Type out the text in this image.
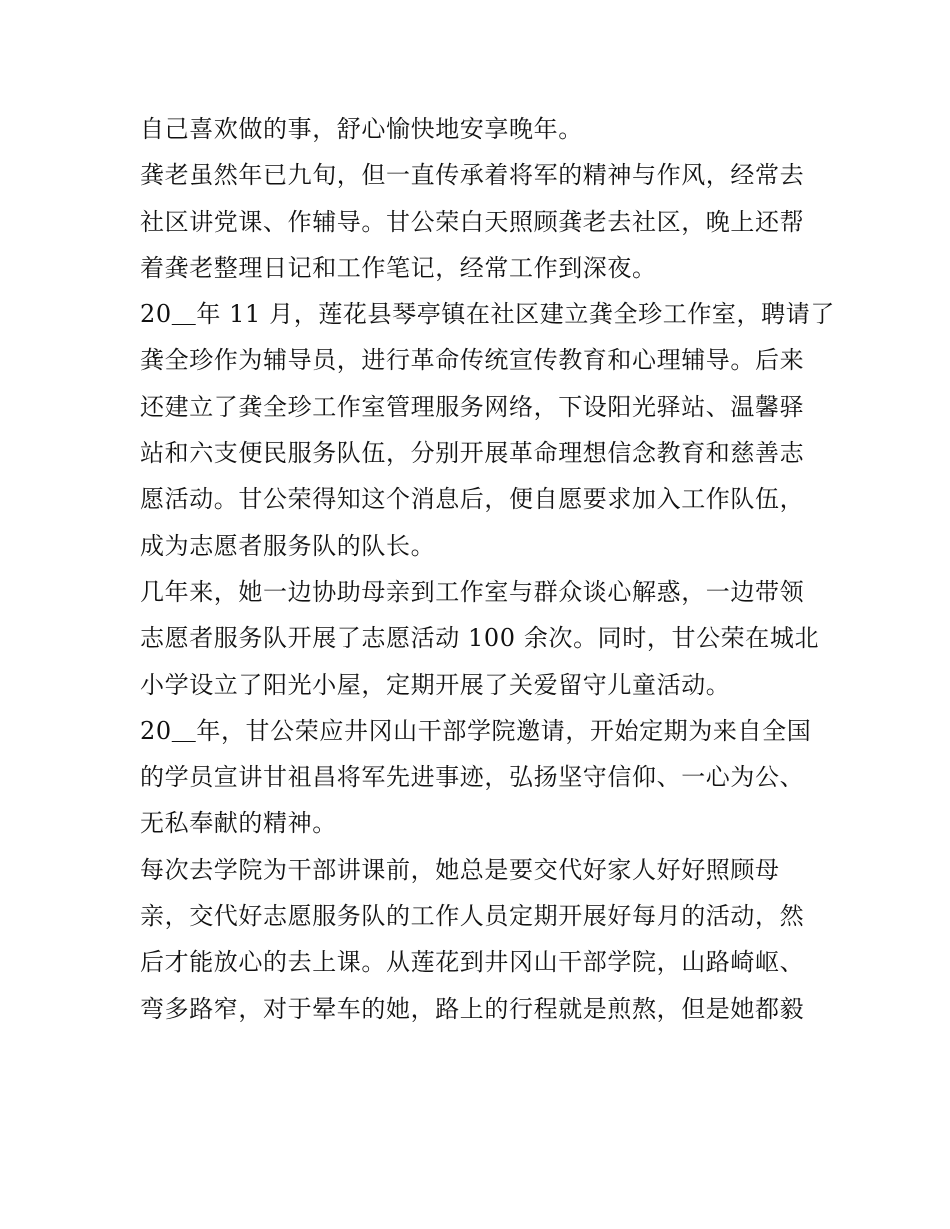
自己喜欢做的事，舒心愉快地安享晚年。
龚老虽然年已九旬，但一直传承着将军的精神与作风，经常去
社区讲党课、作辅导。甘公荣白天照顾龚老去社区，晚上还帮
着龚老整理日记和工作笔记，经常工作到深夜。
20＿年 11 月，莲花县琴亭镇在社区建立龚全珍工作室，聘请了
龚全珍作为辅导员，进行革命传统宣传教育和心理辅导。后来
还建立了龚全珍工作室管理服务网络，下设阳光驿站、温馨驿
站和六支便民服务队伍，分别开展革命理想信念教育和慈善志
愿活动。甘公荣得知这个消息后，便自愿要求加入工作队伍，
成为志愿者服务队的队长。
几年来，她一边协助母亲到工作室与群众谈心解惑，一边带领
志愿者服务队开展了志愿活动 100 余次。同时，甘公荣在城北
小学设立了阳光小屋，定期开展了关爱留守儿童活动。
20＿年，甘公荣应井冈山干部学院邀请，开始定期为来自全国
的学员宣讲甘祖昌将军先进事迹，弘扬坚守信仰、一心为公、
无私奉献的精神。
每次去学院为干部讲课前，她总是要交代好家人好好照顾母
亲，交代好志愿服务队的工作人员定期开展好每月的活动，然
后才能放心的去上课。从莲花到井冈山干部学院，山路崎岖、
弯多路窄，对于晕车的她，路上的行程就是煎熬，但是她都毅
